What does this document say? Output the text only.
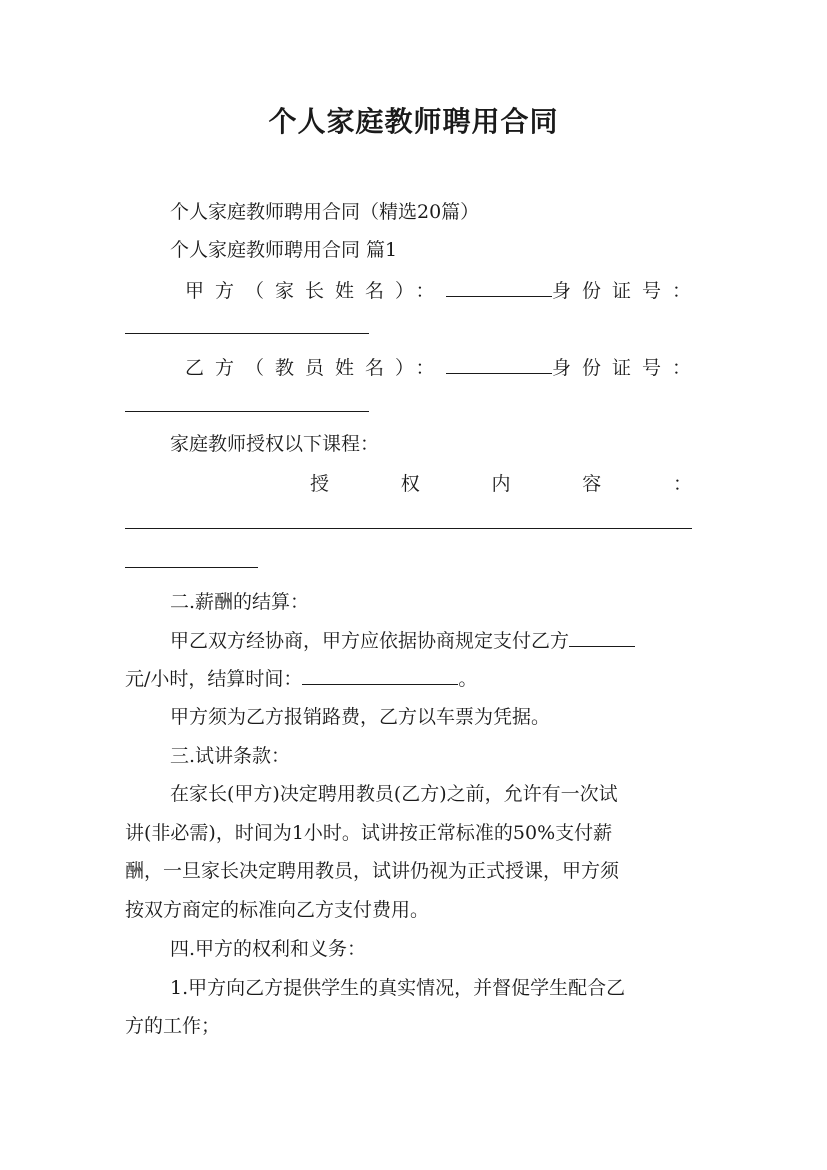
个人家庭教师聘用合同
个人家庭教师聘用合同（精选20篇）
个人家庭教师聘用合同 篇1
甲方（家长姓名）：	身份证号：
乙方（教员姓名）：	身份证号：
家庭教师授权以下课程：
授	权	内	容	：
二.薪酬的结算：
甲乙双方经协商，甲方应依据协商规定支付乙方
元/小时，结算时间：	。
甲方须为乙方报销路费，乙方以车票为凭据。
三.试讲条款：
在家长(甲方)决定聘用教员(乙方)之前，允许有一次试
讲(非必需)，时间为1小时。试讲按正常标准的50%支付薪
酬，一旦家长决定聘用教员，试讲仍视为正式授课，甲方须
按双方商定的标准向乙方支付费用。
四.甲方的权利和义务：
1.甲方向乙方提供学生的真实情况，并督促学生配合乙
方的工作；
